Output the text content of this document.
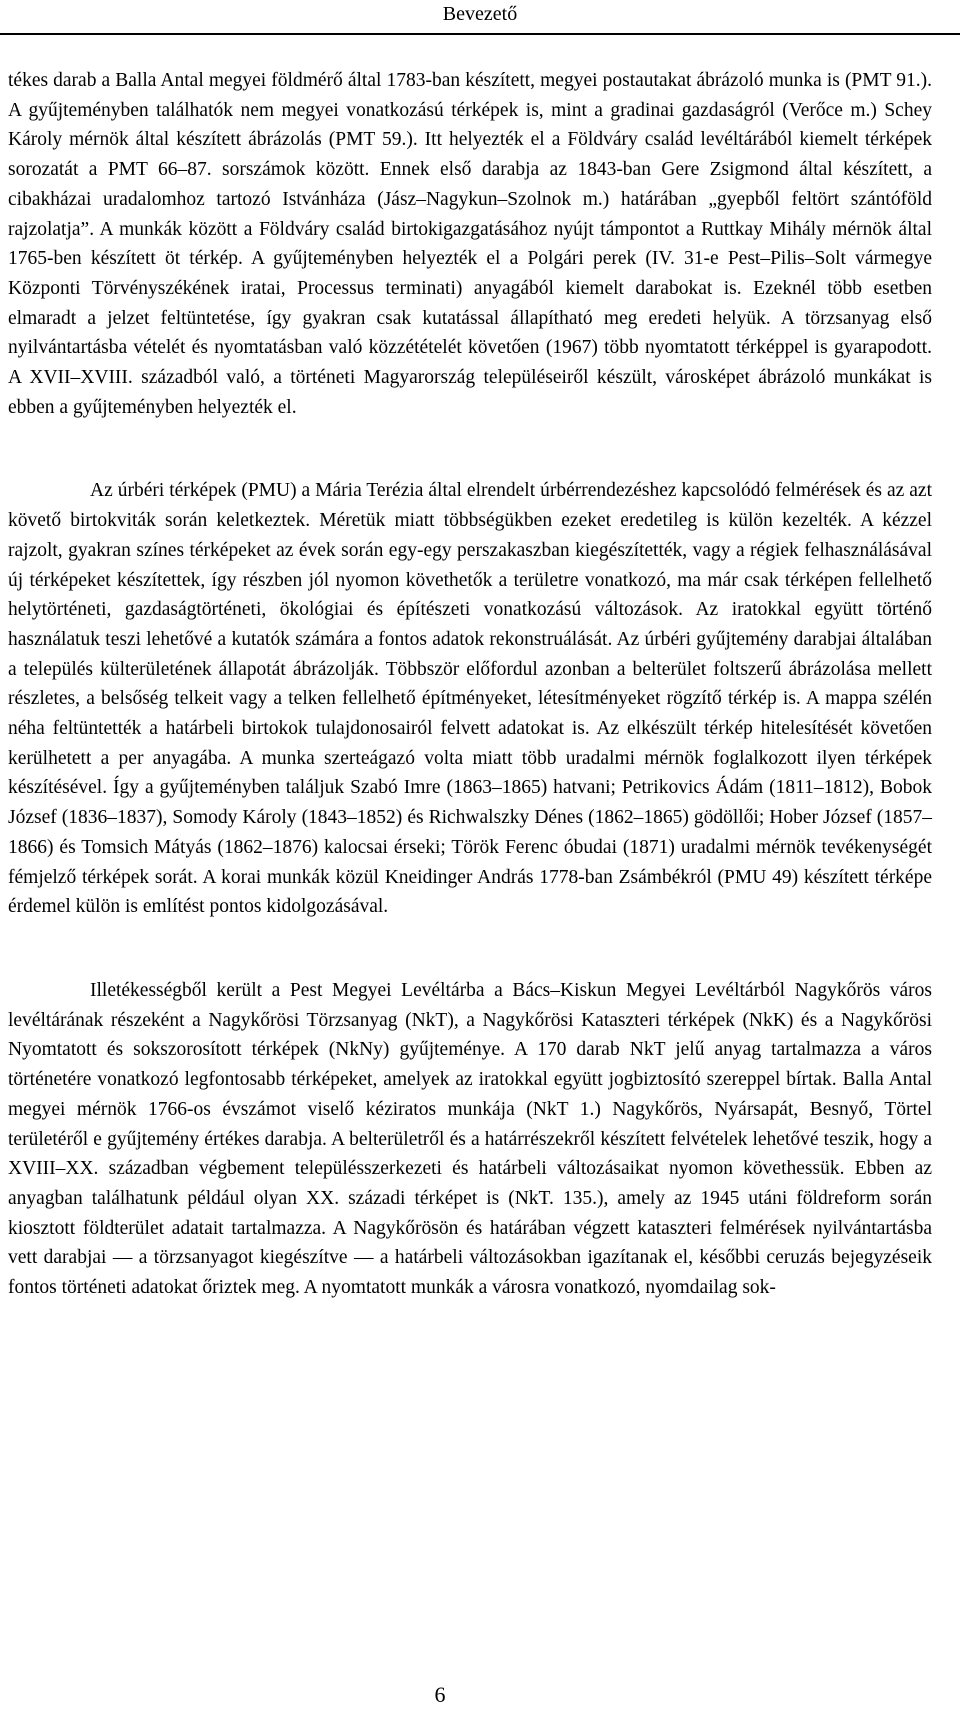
Bevezető

tékes darab a Balla Antal megyei földmérő által 1783-ban készített, megyei postautakat ábrázoló munka is (PMT 91.). A gyűjteményben találhatók nem megyei vonatkozású térképek is, mint a gradinai gazdaságról (Verőce m.) Schey Károly mérnök által készített ábrázolás (PMT 59.). Itt helyezték el a Földváry család levéltárából kiemelt térképek sorozatát a PMT 66–87. sorszámok között. Ennek első darabja az 1843-ban Gere Zsigmond által készített, a cibakházai uradalomhoz tartozó Istvánháza (Jász–Nagykun–Szolnok m.) határában „gyepből feltört szántóföld rajzolatja”. A munkák között a Földváry család birtokigazgatásához nyújt támpontot a Ruttkay Mihály mérnök által 1765-ben készített öt térkép. A gyűjteményben helyezték el a Polgári perek (IV. 31-e Pest–Pilis–Solt vármegye Központi Törvényszékének iratai, Processus terminati) anyagából kiemelt darabokat is. Ezeknél több esetben elmaradt a jelzet feltüntetése, így gyakran csak kutatással állapítható meg eredeti helyük. A törzsanyag első nyilvántartásba vételét és nyomtatásban való közzétételét követően (1967) több nyomtatott térképpel is gyarapodott. A XVII–XVIII. századból való, a történeti Magyarország településeiről készült, városképet ábrázoló munkákat is ebben a gyűjteményben helyezték el.

Az úrbéri térképek (PMU) a Mária Terézia által elrendelt úrbérrendezéshez kapcsolódó felmérések és az azt követő birtokviták során keletkeztek. Méretük miatt többségükben ezeket eredetileg is külön kezelték. A kézzel rajzolt, gyakran színes térképeket az évek során egy-egy perszakaszban kiegészítették, vagy a régiek felhasználásával új térképeket készítettek, így részben jól nyomon követhetők a területre vonatkozó, ma már csak térképen fellelhető helytörténeti, gazdaságtörténeti, ökológiai és építészeti vonatkozású változások. Az iratokkal együtt történő használatuk teszi lehetővé a kutatók számára a fontos adatok rekonstruálását. Az úrbéri gyűjtemény darabjai általában a település külterületének állapotát ábrázolják. Többször előfordul azonban a belterület foltszerű ábrázolása mellett részletes, a belsőség telkeit vagy a telken fellelhető építményeket, létesítményeket rögzítő térkép is. A mappa szélén néha feltüntették a határbeli birtokok tulajdonosairól felvett adatokat is. Az elkészült térkép hitelesítését követően kerülhetett a per anyagába. A munka szerteágazó volta miatt több uradalmi mérnök foglalkozott ilyen térképek készítésével. Így a gyűjteményben találjuk Szabó Imre (1863–1865) hatvani; Petrikovics Ádám (1811–1812), Bobok József (1836–1837), Somody Károly (1843–1852) és Richwalszky Dénes (1862–1865) gödöllői; Hober József (1857–1866) és Tomsich Mátyás (1862–1876) kalocsai érseki; Török Ferenc óbudai (1871) uradalmi mérnök tevékenységét fémjelző térképek sorát. A korai munkák közül Kneidinger András 1778-ban Zsámbékról (PMU 49) készített térképe érdemel külön is említést pontos kidolgozásával.

Illetékességből került a Pest Megyei Levéltárba a Bács–Kiskun Megyei Levéltárból Nagykőrös város levéltárának részeként a Nagykőrösi Törzsanyag (NkT), a Nagykőrösi Kataszteri térképek (NkK) és a Nagykőrösi Nyomtatott és sokszorosított térképek (NkNy) gyűjteménye. A 170 darab NkT jelű anyag tartalmazza a város történetére vonatkozó legfontosabb térképeket, amelyek az iratokkal együtt jogbiztosító szereppel bírtak. Balla Antal megyei mérnök 1766-os évszámot viselő kéziratos munkája (NkT 1.) Nagykőrös, Nyársapát, Besnyő, Törtel területéről e gyűjtemény értékes darabja. A belterületről és a határrészekről készített felvételek lehetővé teszik, hogy a XVIII–XX. században végbement településszerkezeti és határbeli változásaikat nyomon követhessük. Ebben az anyagban találhatunk például olyan XX. századi térképet is (NkT. 135.), amely az 1945 utáni földreform során kiosztott földterület adatait tartalmazza. A Nagykőrösön és határában végzett kataszteri felmérések nyilvántartásba vett darabjai — a törzsanyagot kiegészítve — a határbeli változásokban igazítanak el, későbbi ceruzás bejegyzéseik fontos történeti adatokat őriztek meg. A nyomtatott munkák a városra vonatkozó, nyomdailag sok-

6
